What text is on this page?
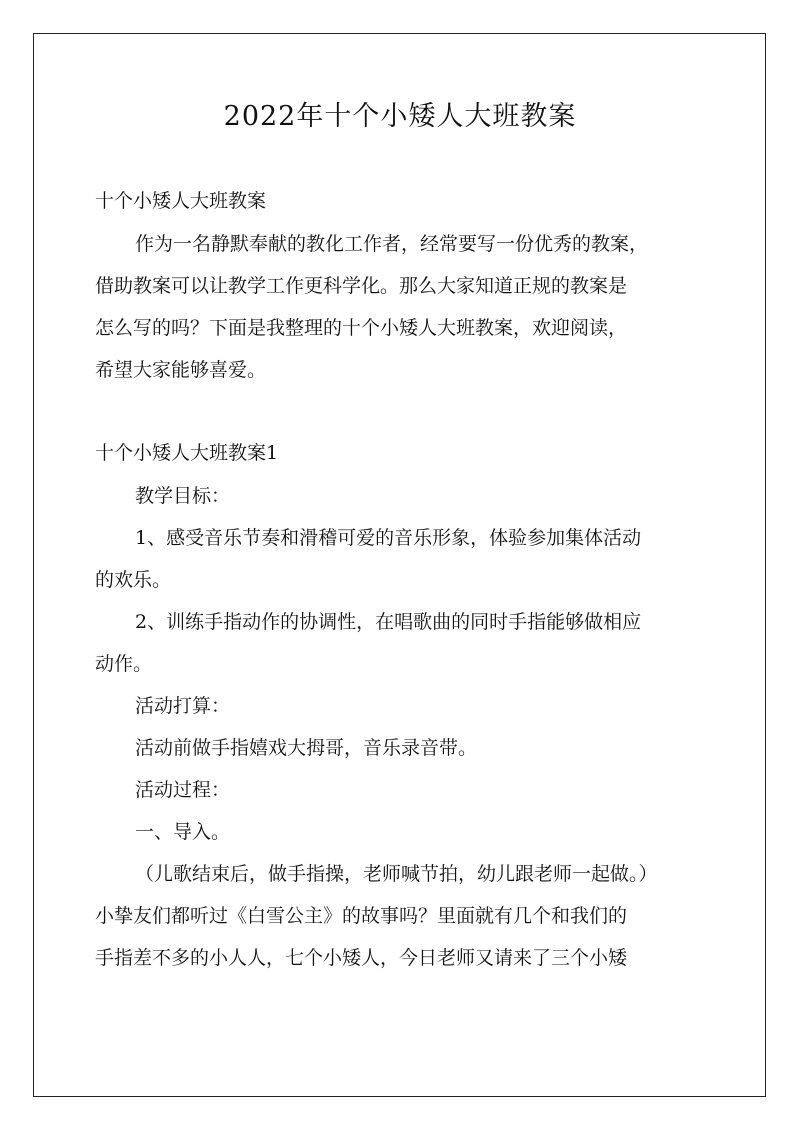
2022年十个小矮人大班教案
十个小矮人大班教案
作为一名静默奉献的教化工作者，经常要写一份优秀的教案，
借助教案可以让教学工作更科学化。那么大家知道正规的教案是
怎么写的吗？下面是我整理的十个小矮人大班教案，欢迎阅读，
希望大家能够喜爱。
十个小矮人大班教案1
教学目标：
1、感受音乐节奏和滑稽可爱的音乐形象，体验参加集体活动
的欢乐。
2、训练手指动作的协调性，在唱歌曲的同时手指能够做相应
动作。
活动打算：
活动前做手指嬉戏大拇哥，音乐录音带。
活动过程：
一、导入。
（儿歌结束后，做手指操，老师喊节拍，幼儿跟老师一起做。）
小挚友们都听过《白雪公主》的故事吗？里面就有几个和我们的
手指差不多的小人人，七个小矮人，今日老师又请来了三个小矮
